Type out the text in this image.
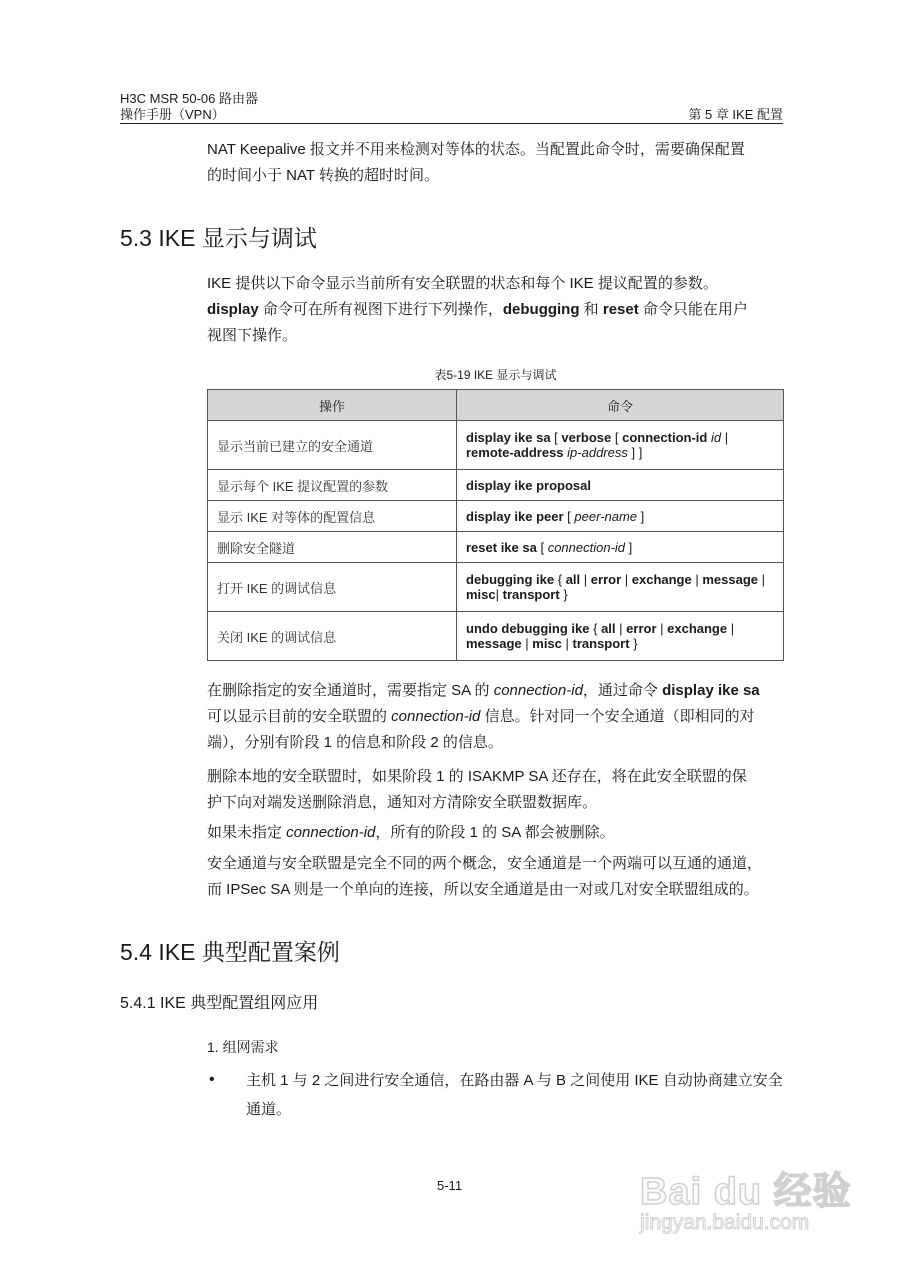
H3C MSR 50-06 路由器
操作手册（VPN）	第 5 章 IKE 配置
NAT Keepalive 报文并不用来检测对等体的状态。当配置此命令时，需要确保配置
的时间小于 NAT 转换的超时时间。
5.3 IKE 显示与调试
IKE 提供以下命令显示当前所有安全联盟的状态和每个 IKE 提议配置的参数。
display 命令可在所有视图下进行下列操作，debugging 和 reset 命令只能在用户
视图下操作。
表5-19 IKE 显示与调试
操作	命令
显示当前已建立的安全通道	display ike sa [ verbose [ connection-id id |
remote-address ip-address ] ]
显示每个 IKE 提议配置的参数	display ike proposal
显示 IKE 对等体的配置信息	display ike peer [ peer-name ]
删除安全隧道	reset ike sa [ connection-id ]
打开 IKE 的调试信息	debugging ike { all | error | exchange | message |
misc| transport }
关闭 IKE 的调试信息	undo debugging ike { all | error | exchange |
message | misc | transport }
在删除指定的安全通道时，需要指定 SA 的 connection-id，通过命令 display ike sa
可以显示目前的安全联盟的 connection-id 信息。针对同一个安全通道（即相同的对
端），分别有阶段 1 的信息和阶段 2 的信息。
删除本地的安全联盟时，如果阶段 1 的 ISAKMP SA 还存在，将在此安全联盟的保
护下向对端发送删除消息，通知对方清除安全联盟数据库。
如果未指定 connection-id，所有的阶段 1 的 SA 都会被删除。
安全通道与安全联盟是完全不同的两个概念，安全通道是一个两端可以互通的通道，
而 IPSec SA 则是一个单向的连接，所以安全通道是由一对或几对安全联盟组成的。
5.4 IKE 典型配置案例
5.4.1 IKE 典型配置组网应用
1. 组网需求
• 主机 1 与 2 之间进行安全通信，在路由器 A 与 B 之间使用 IKE 自动协商建立安全通道。
5-11	Bai du 经验
jingyan.baidu.com
